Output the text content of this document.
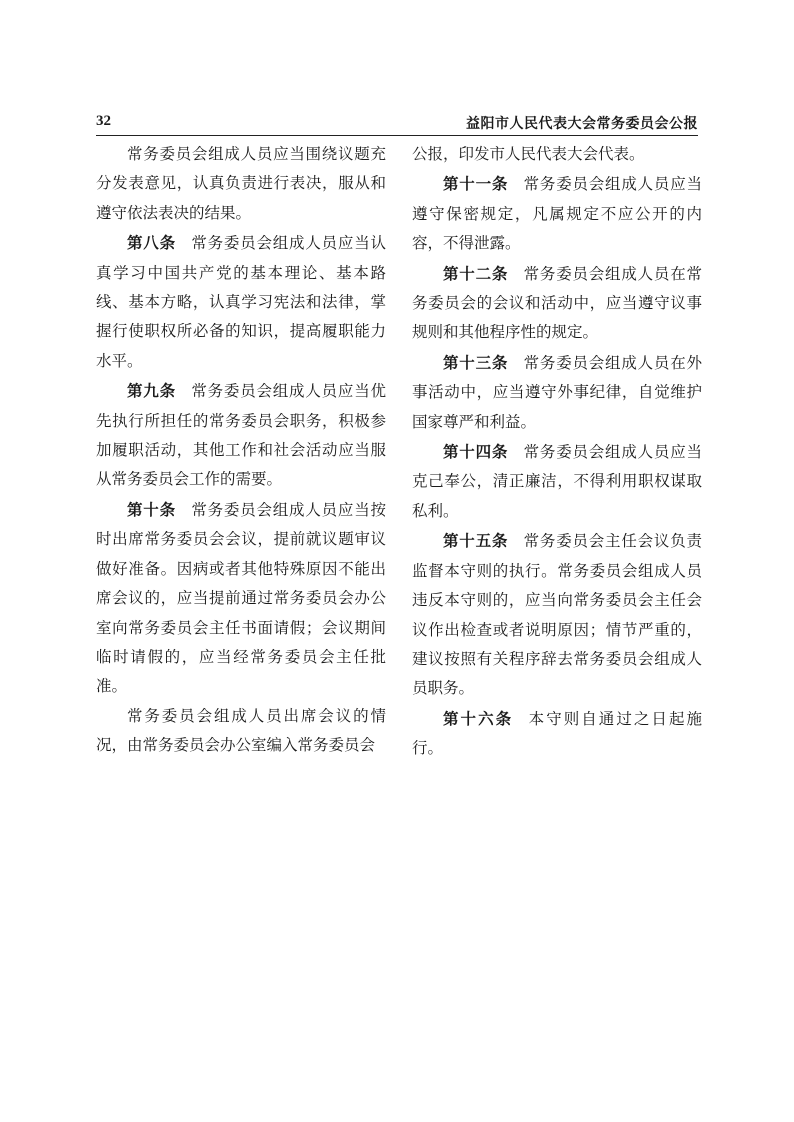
32	益阳市人民代表大会常务委员会公报

常务委员会组成人员应当围绕议题充分发表意见，认真负责进行表决，服从和遵守依法表决的结果。

第八条 常务委员会组成人员应当认真学习中国共产党的基本理论、基本路线、基本方略，认真学习宪法和法律，掌握行使职权所必备的知识，提高履职能力水平。

第九条 常务委员会组成人员应当优先执行所担任的常务委员会职务，积极参加履职活动，其他工作和社会活动应当服从常务委员会工作的需要。

第十条 常务委员会组成人员应当按时出席常务委员会会议，提前就议题审议做好准备。因病或者其他特殊原因不能出席会议的，应当提前通过常务委员会办公室向常务委员会主任书面请假；会议期间临时请假的，应当经常务委员会主任批准。

常务委员会组成人员出席会议的情况，由常务委员会办公室编入常务委员会

公报，印发市人民代表大会代表。

第十一条 常务委员会组成人员应当遵守保密规定，凡属规定不应公开的内容，不得泄露。

第十二条 常务委员会组成人员在常务委员会的会议和活动中，应当遵守议事规则和其他程序性的规定。

第十三条 常务委员会组成人员在外事活动中，应当遵守外事纪律，自觉维护国家尊严和利益。

第十四条 常务委员会组成人员应当克己奉公，清正廉洁，不得利用职权谋取私利。

第十五条 常务委员会主任会议负责监督本守则的执行。常务委员会组成人员违反本守则的，应当向常务委员会主任会议作出检查或者说明原因；情节严重的，建议按照有关程序辞去常务委员会组成人员职务。

第十六条 本守则自通过之日起施行。
